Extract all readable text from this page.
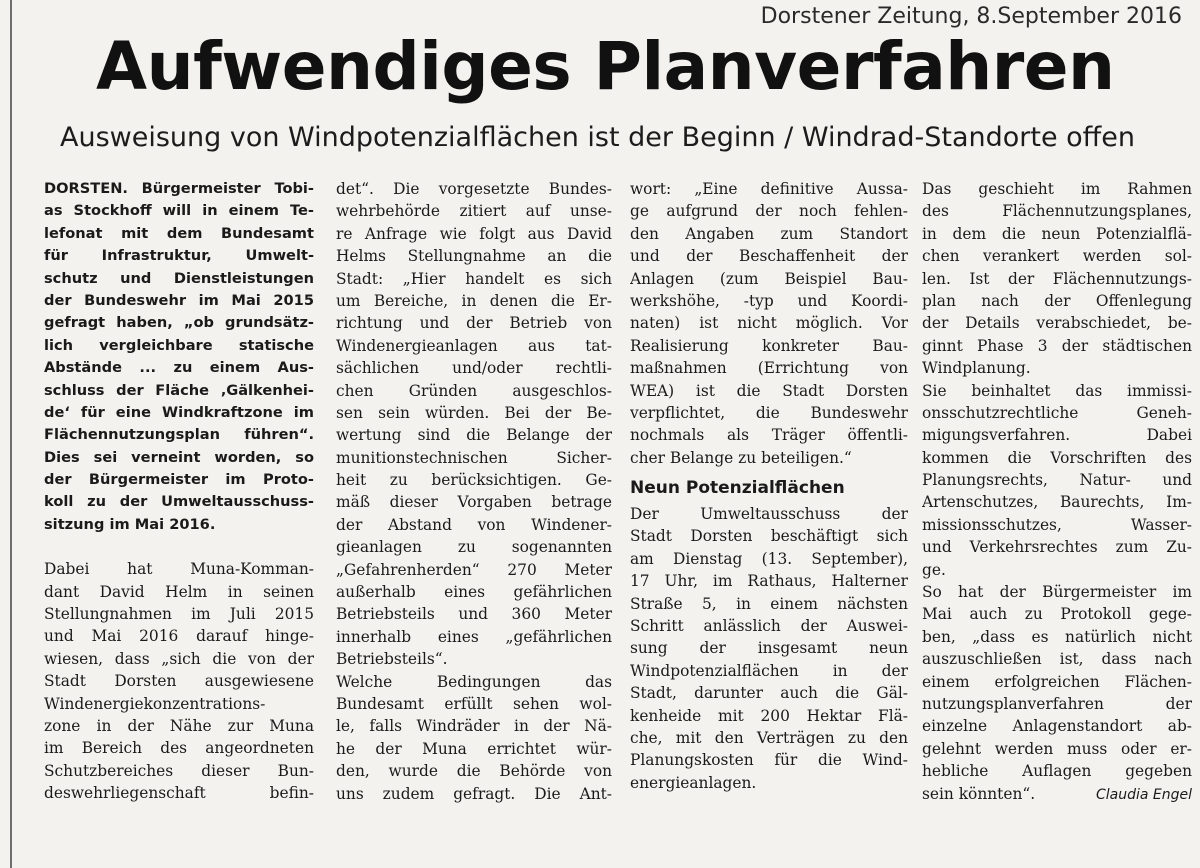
Dorstener Zeitung, 8.September 2016
Aufwendiges Planverfahren
Ausweisung von Windpotenzialflächen ist der Beginn / Windrad-Standorte offen
DORSTEN. Bürgermeister Tobi-
as Stockhoff will in einem Te-
lefonat mit dem Bundesamt
für Infrastruktur, Umwelt-
schutz und Dienstleistungen
der Bundeswehr im Mai 2015
gefragt haben, „ob grundsätz-
lich vergleichbare statische
Abstände ... zu einem Aus-
schluss der Fläche ‚Gälkenhei-
de‘ für eine Windkraftzone im
Flächennutzungsplan führen“.
Dies sei verneint worden, so
der Bürgermeister im Proto-
koll zu der Umweltausschuss-
sitzung im Mai 2016.
Dabei hat Muna-Komman-
dant David Helm in seinen
Stellungnahmen im Juli 2015
und Mai 2016 darauf hinge-
wiesen, dass „sich die von der
Stadt Dorsten ausgewiesene
Windenergiekonzentrations-
zone in der Nähe zur Muna
im Bereich des angeordneten
Schutzbereiches dieser Bun-
deswehrliegenschaft befin-
det“. Die vorgesetzte Bundes-
wehrbehörde zitiert auf unse-
re Anfrage wie folgt aus David
Helms Stellungnahme an die
Stadt: „Hier handelt es sich
um Bereiche, in denen die Er-
richtung und der Betrieb von
Windenergieanlagen aus tat-
sächlichen und/oder rechtli-
chen Gründen ausgeschlos-
sen sein würden. Bei der Be-
wertung sind die Belange der
munitionstechnischen Sicher-
heit zu berücksichtigen. Ge-
mäß dieser Vorgaben betrage
der Abstand von Windener-
gieanlagen zu sogenannten
„Gefahrenherden“ 270 Meter
außerhalb eines gefährlichen
Betriebsteils und 360 Meter
innerhalb eines „gefährlichen
Betriebsteils“.
Welche Bedingungen das
Bundesamt erfüllt sehen wol-
le, falls Windräder in der Nä-
he der Muna errichtet wür-
den, wurde die Behörde von
uns zudem gefragt. Die Ant-
wort: „Eine definitive Aussa-
ge aufgrund der noch fehlen-
den Angaben zum Standort
und der Beschaffenheit der
Anlagen (zum Beispiel Bau-
werkshöhe, -typ und Koordi-
naten) ist nicht möglich. Vor
Realisierung konkreter Bau-
maßnahmen (Errichtung von
WEA) ist die Stadt Dorsten
verpflichtet, die Bundeswehr
nochmals als Träger öffentli-
cher Belange zu beteiligen.“
Neun Potenzialflächen
Der Umweltausschuss der
Stadt Dorsten beschäftigt sich
am Dienstag (13. September),
17 Uhr, im Rathaus, Halterner
Straße 5, in einem nächsten
Schritt anlässlich der Auswei-
sung der insgesamt neun
Windpotenzialflächen in der
Stadt, darunter auch die Gäl-
kenheide mit 200 Hektar Flä-
che, mit den Verträgen zu den
Planungskosten für die Wind-
energieanlagen.
Das geschieht im Rahmen
des Flächennutzungsplanes,
in dem die neun Potenzialflä-
chen verankert werden sol-
len. Ist der Flächennutzungs-
plan nach der Offenlegung
der Details verabschiedet, be-
ginnt Phase 3 der städtischen
Windplanung.
Sie beinhaltet das immissi-
onsschutzrechtliche Geneh-
migungsverfahren. Dabei
kommen die Vorschriften des
Planungsrechts, Natur- und
Artenschutzes, Baurechts, Im-
missionsschutzes, Wasser-
und Verkehrsrechtes zum Zu-
ge.
So hat der Bürgermeister im
Mai auch zu Protokoll gege-
ben, „dass es natürlich nicht
auszuschließen ist, dass nach
einem erfolgreichen Flächen-
nutzungsplanverfahren der
einzelne Anlagenstandort ab-
gelehnt werden muss oder er-
hebliche Auflagen gegeben
sein könnten“.	Claudia Engel
